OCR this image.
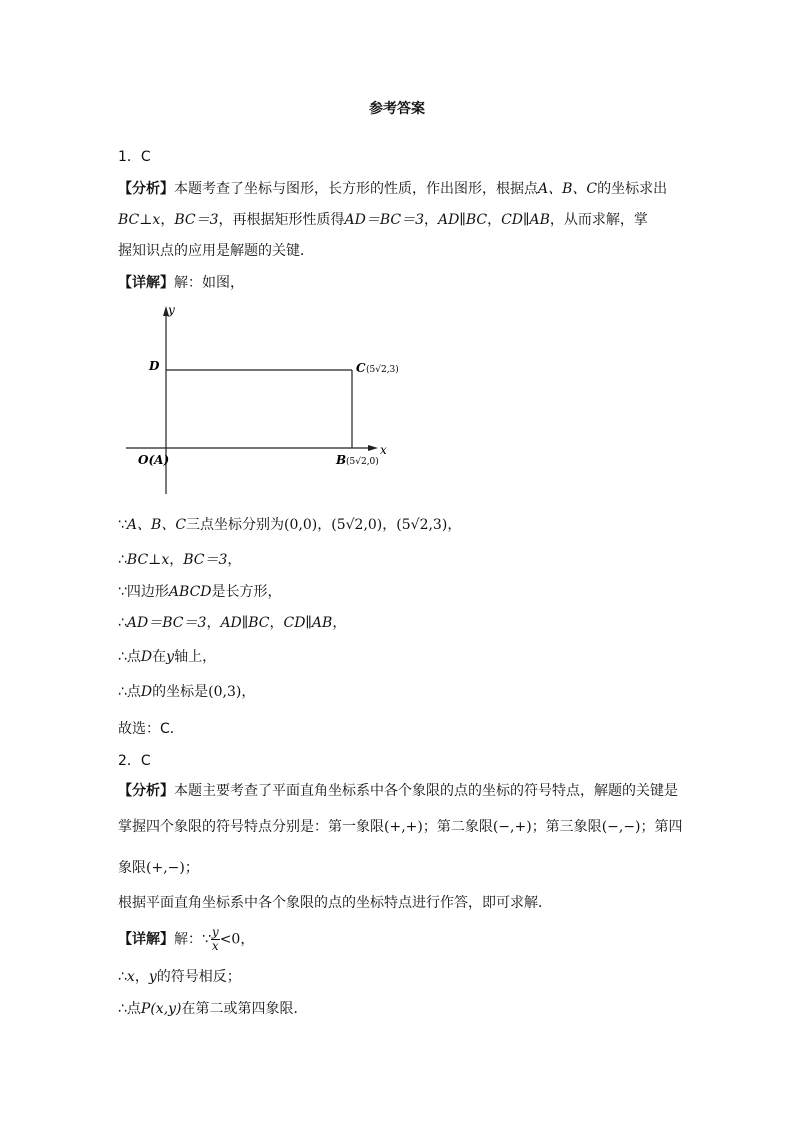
参考答案
1．C
【分析】本题考查了坐标与图形，长方形的性质，作出图形，根据点A、B、C的坐标求出
BC⊥x，BC＝3，再根据矩形性质得AD＝BC＝3，AD∥BC，CD∥AB，从而求解，掌
握知识点的应用是解题的关键．
【详解】解：如图，
y
x
D	C (5√2,3)
O(A)	B (5√2,0)
∵A、B、C三点坐标分别为(0,0)，(5√2,0)，(5√2,3)，
∴BC⊥x，BC＝3，
∵四边形ABCD是长方形，
∴AD＝BC＝3，AD∥BC，CD∥AB，
∴点D在y轴上，
∴点D的坐标是(0,3)，
故选：C．
2．C
【分析】本题主要考查了平面直角坐标系中各个象限的点的坐标的符号特点，解题的关键是
掌握四个象限的符号特点分别是：第一象限(+,+)；第二象限(−,+)；第三象限(−,−)；第四
象限(+,−)；
根据平面直角坐标系中各个象限的点的坐标特点进行作答，即可求解．
【详解】解：∵ $\frac{y}{x} <0$，
∴x，y的符号相反；
∴点P(x,y)在第二或第四象限．
